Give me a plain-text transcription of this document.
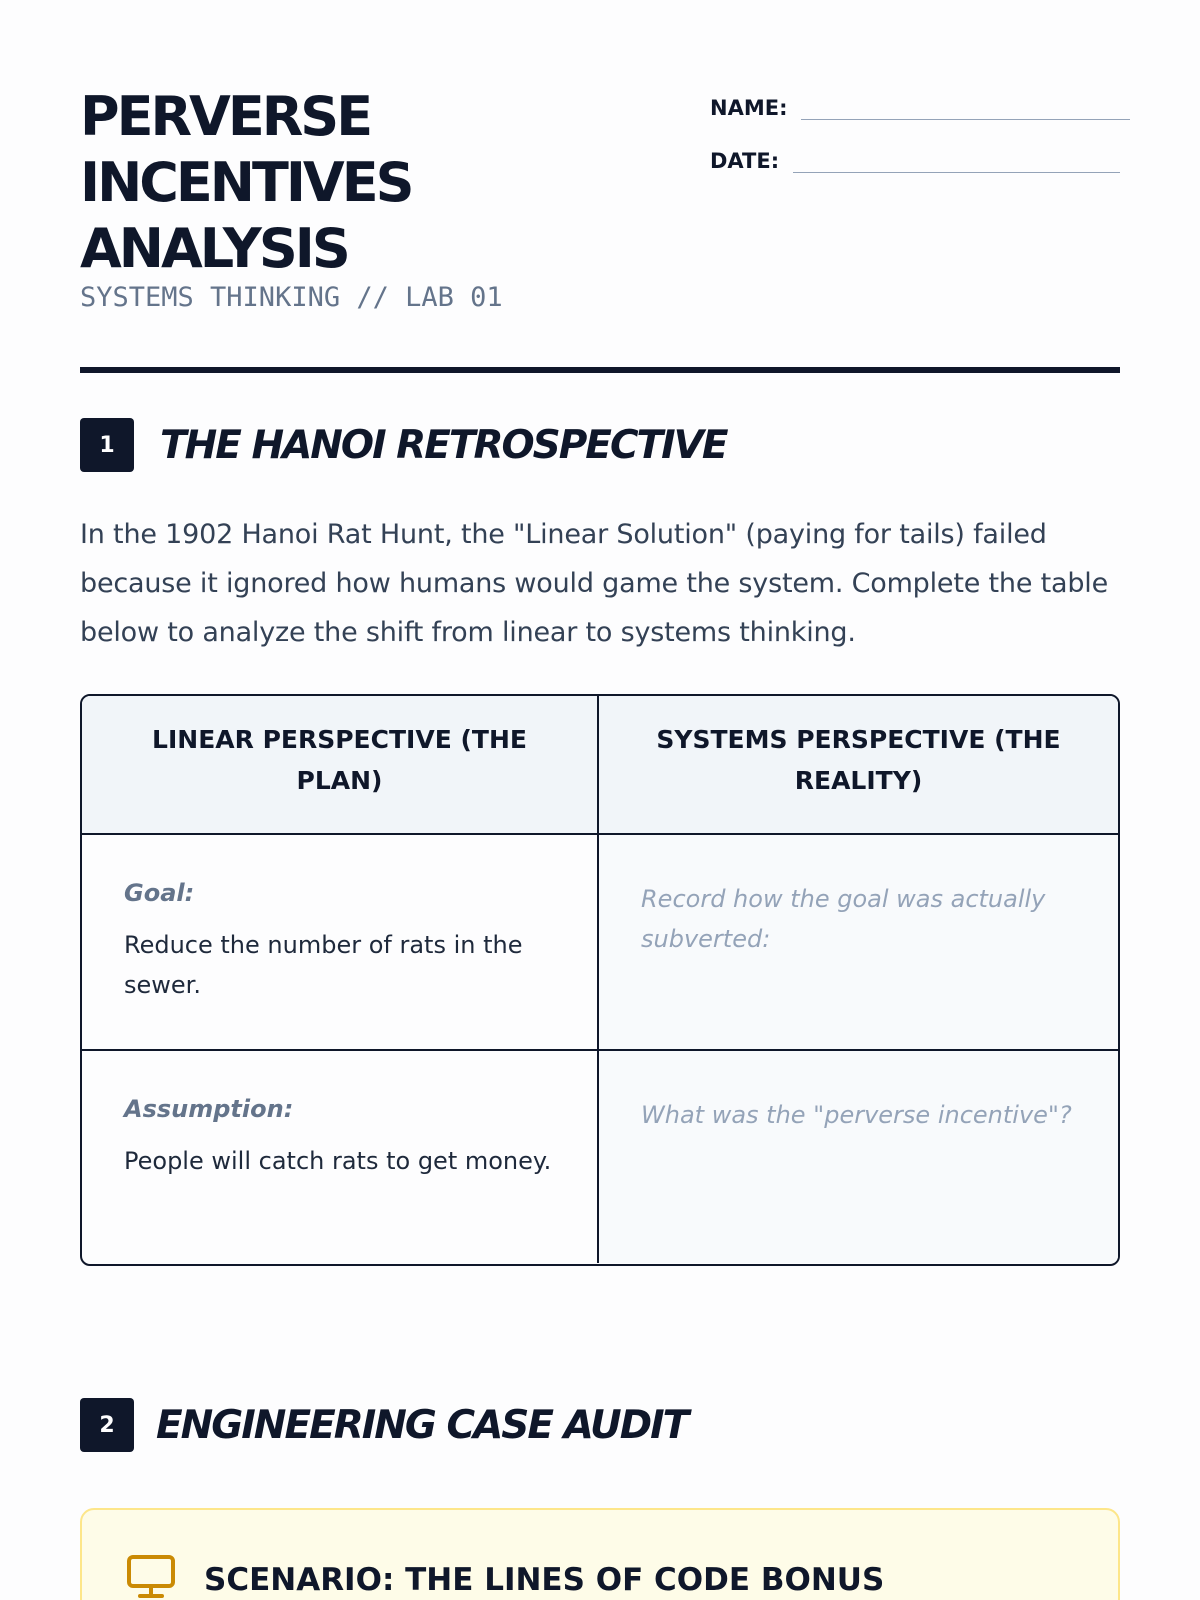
PERVERSE
INCENTIVES
ANALYSIS
SYSTEMS THINKING // LAB 01
NAME:
DATE:
1	THE HANOI RETROSPECTIVE

In the 1902 Hanoi Rat Hunt, the "Linear Solution" (paying for tails) failed because it ignored how humans would game the system. Complete the table below to analyze the shift from linear to systems thinking.

LINEAR PERSPECTIVE (THE PLAN)
SYSTEMS PERSPECTIVE (THE REALITY)
Goal:
Reduce the number of rats in the sewer.
Record how the goal was actually subverted:
Assumption:
People will catch rats to get money.
What was the "perverse incentive"?
2	ENGINEERING CASE AUDIT
SCENARIO: THE LINES OF CODE BONUS
